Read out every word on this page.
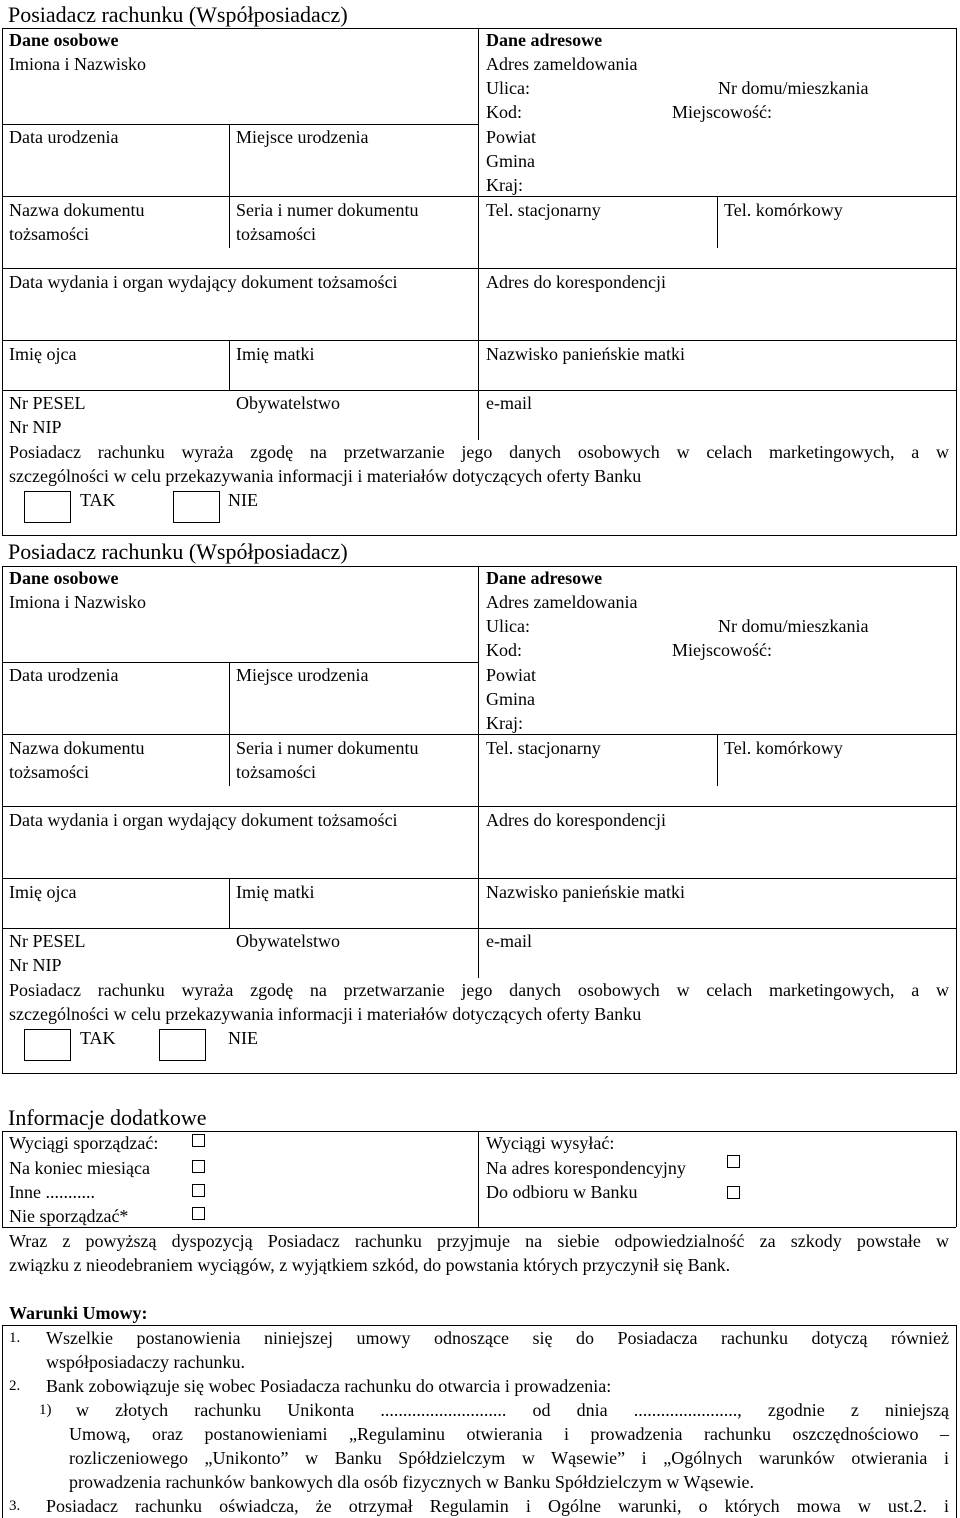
Posiadacz rachunku (Współposiadacz)
Dane osobowe
Imiona i Nazwisko
Data urodzenia	Miejsce urodzenia
Nazwa dokumentu
tożsamości
Seria i numer dokumentu
tożsamości
Data wydania i organ wydający dokument tożsamości
Dane adresowe
Adres zameldowania
Ulica:	Nr domu/mieszkania
Kod:	Miejscowość:
Powiat
Gmina
Kraj:
Tel. stacjonarny	Tel. komórkowy
Adres do korespondencji
Imię ojca	Imię matki	Nazwisko panieńskie matki
Nr PESEL	Obywatelstwo	e-mail
Nr NIP
Posiadacz rachunku wyraża zgodę na przetwarzanie jego danych osobowych w celach marketingowych, a w
szczególności w celu przekazywania informacji i materiałów dotyczących oferty Banku
TAK	NIE
Posiadacz rachunku (Współposiadacz)
Dane osobowe
Imiona i Nazwisko
Data urodzenia	Miejsce urodzenia
Nazwa dokumentu
tożsamości
Seria i numer dokumentu
tożsamości
Data wydania i organ wydający dokument tożsamości
Dane adresowe
Adres zameldowania
Ulica:	Nr domu/mieszkania
Kod:	Miejscowość:
Powiat
Gmina
Kraj:
Tel. stacjonarny	Tel. komórkowy
Adres do korespondencji
Imię ojca	Imię matki	Nazwisko panieńskie matki
Nr PESEL	Obywatelstwo	e-mail
Nr NIP
Posiadacz rachunku wyraża zgodę na przetwarzanie jego danych osobowych w celach marketingowych, a w
szczególności w celu przekazywania informacji i materiałów dotyczących oferty Banku
TAK	NIE
Informacje dodatkowe
Wyciągi sporządzać:
Na koniec miesiąca
Inne ...........
Nie sporządzać*
Wyciągi wysyłać:
Na adres korespondencyjny
Do odbioru w Banku
Wraz z powyższą dyspozycją Posiadacz rachunku przyjmuje na siebie odpowiedzialność za szkody powstałe w
związku z nieodebraniem wyciągów, z wyjątkiem szkód, do powstania których przyczynił się Bank.
Warunki Umowy:
1. Wszelkie postanowienia niniejszej umowy odnoszące się do Posiadacza rachunku dotyczą również
współposiadaczy rachunku.
2. Bank zobowiązuje się wobec Posiadacza rachunku do otwarcia i prowadzenia:
1) w złotych rachunku Unikonta ............................ od dnia ......................., zgodnie z niniejszą
Umową, oraz postanowieniami „Regulaminu otwierania i prowadzenia rachunku oszczędnościowo –
rozliczeniowego „Unikonto” w Banku Spółdzielczym w Wąsewie” i „Ogólnych warunków otwierania i
prowadzenia rachunków bankowych dla osób fizycznych w Banku Spółdzielczym w Wąsewie.
3. Posiadacz rachunku oświadcza, że otrzymał Regulamin i Ogólne warunki, o których mowa w ust.2. i
